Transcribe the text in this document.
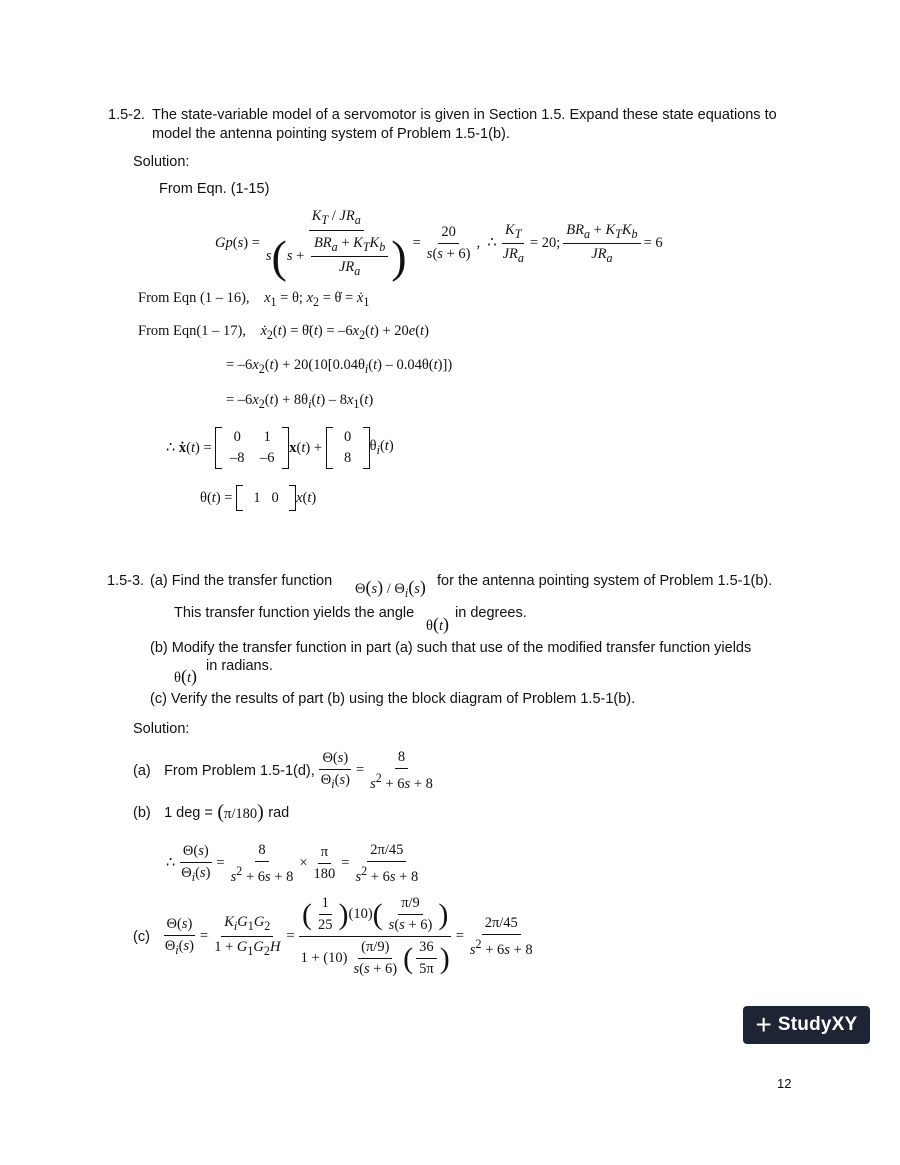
1.5-2. The state-variable model of a servomotor is given in Section 1.5. Expand these state equations to
model the antenna pointing system of Problem 1.5-1(b).
Solution:
From Eqn. (1-15)
$Gp(s) = \frac{K_T / JR_a}{s ( s + \frac{BR_a + K_TK_b}{JR_a} )} = \frac{20}{s(s + 6)}$ ,  ∴ $\frac{K_T}{JR_a} = 20$; $\frac{BR_a + K_TK_b}{JR_a} = 6$
From Eqn (1 – 16), $x_1 = \theta$; $x_2$ = θ̇ = ẋ$_1$
From Eqn(1 – 17), ẋ$_2$(t) = θ̈(t) = $-6x_2(t) + 20e(t)$
= $-6x_2(t) + 20(10[0.04\theta_i(t) - 0.04\theta(t)])$
= $-6x_2(t) + 8\theta_i(t) - 8x_1(t)$
∴ ẋ(t) =
0	1
–8	–6
x(t) +
0
8
$\theta_i(t)$
θ(t) =	1   0	x(t)
1.5-3. (a) Find the transfer function $\Theta(s) / \Theta_i(s)$ for the antenna pointing system of Problem 1.5-1(b).
This transfer function yields the angle
θ(t)
in degrees.
(b) Modify the transfer function in part (a) such that use of the modified transfer function yields
θ(t) in radians.
(c) Verify the results of part (b) using the block diagram of Problem 1.5-1(b).
Solution:
(a)
From Problem 1.5-1(d), $\frac{\Theta(s)}{\Theta_i(s)} = \frac{8}{s^2 + 6s + 8}$
(b)
1 deg =
(π/180)
rad
∴ $\frac{\Theta(s)}{\Theta_i(s)} = \frac{8}{s^2 + 6s + 8} \times \frac{\pi}{180} = \frac{2\pi/45}{s^2 + 6s + 8}$
(c)
$\frac{\Theta(s)}{\Theta_i(s)} = \frac{K_iG_1G_2}{1 + G_1G_2H} = \frac{( \frac{1}{25} ) (10) ( \frac{\pi/9}{s(s + 6)} )}{1 + (10) \frac{(\pi/9)}{s(s + 6)} ( \frac{36}{5\pi} )} = \frac{2\pi/45}{s^2 + 6s + 8}$
+ StudyXY
12
